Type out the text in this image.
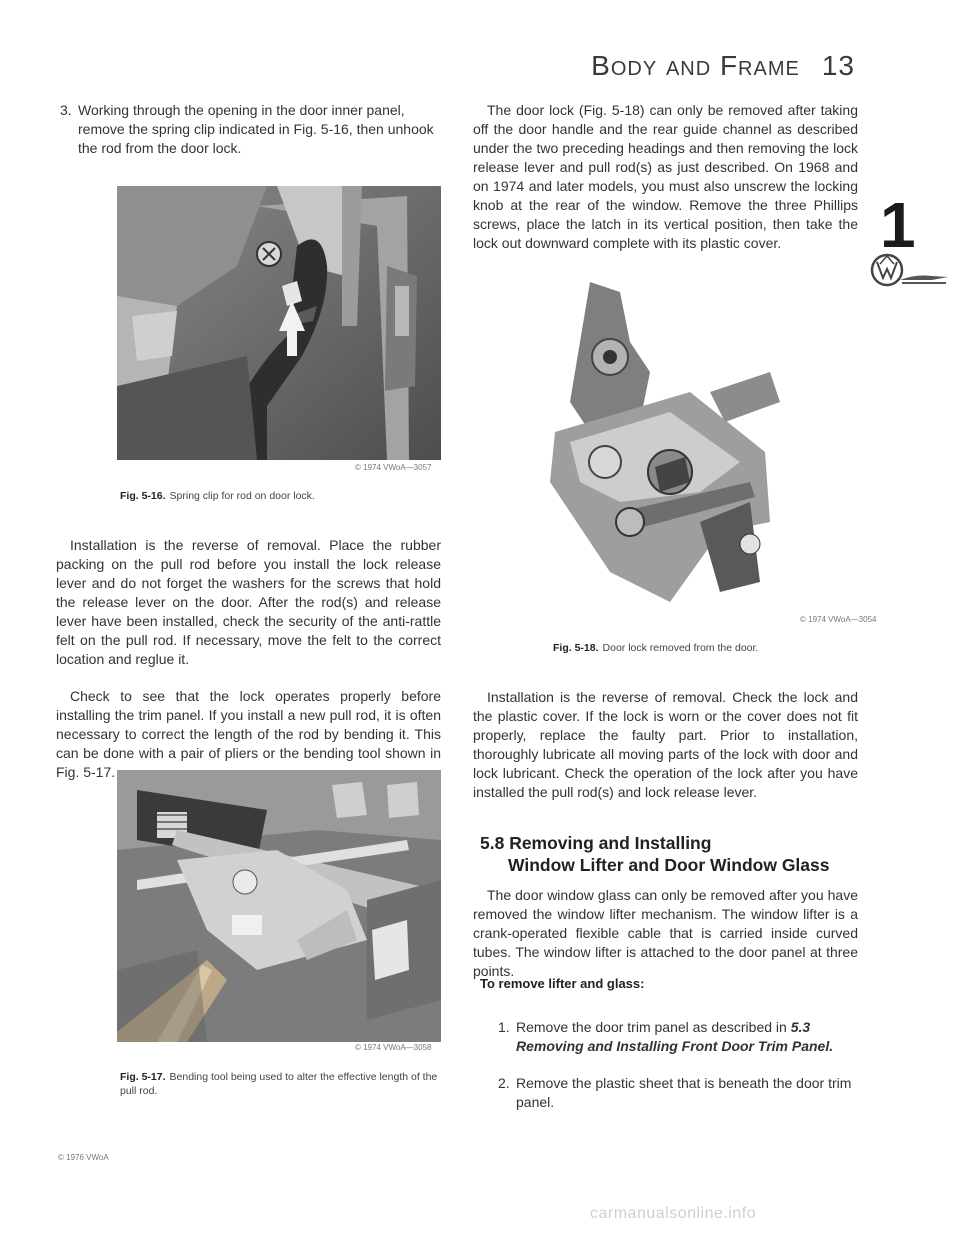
Body and Frame 13
1
3. Working through the opening in the door inner panel, remove the spring clip indicated in Fig. 5-16, then unhook the rod from the door lock.
© 1974 VWoA—3057
Fig. 5-16. Spring clip for rod on door lock.

Installation is the reverse of removal. Place the rubber packing on the pull rod before you install the lock release lever and do not forget the washers for the screws that hold the release lever on the door. After the rod(s) and release lever have been installed, check the security of the anti-rattle felt on the pull rod. If necessary, move the felt to the correct location and reglue it.

Check to see that the lock operates properly before installing the trim panel. If you install a new pull rod, it is often necessary to correct the length of the rod by bending it. This can be done with a pair of pliers or the bending tool shown in Fig. 5-17.

© 1974 VWoA—3058
Fig. 5-17. Bending tool being used to alter the effective length of the pull rod.
© 1976 VWoA

The door lock (Fig. 5-18) can only be removed after taking off the door handle and the rear guide channel as described under the two preceding headings and then removing the lock release lever and pull rod(s) as just described. On 1968 and on 1974 and later models, you must also unscrew the locking knob at the rear of the window. Remove the three Phillips screws, place the latch in its vertical position, then take the lock out downward complete with its plastic cover.

© 1974 VWoA—3054
Fig. 5-18. Door lock removed from the door.

Installation is the reverse of removal. Check the lock and the plastic cover. If the lock is worn or the cover does not fit properly, replace the faulty part. Prior to installation, thoroughly lubricate all moving parts of the lock with door and lock lubricant. Check the operation of the lock after you have installed the pull rod(s) and lock release lever.

5.8 Removing and Installing
Window Lifter and Door Window Glass

The door window glass can only be removed after you have removed the window lifter mechanism. The window lifter is a crank-operated flexible cable that is carried inside curved tubes. The window lifter is attached to the door panel at three points.

To remove lifter and glass:
1. Remove the door trim panel as described in 5.3 Removing and Installing Front Door Trim Panel.
2. Remove the plastic sheet that is beneath the door trim panel.
carmanualsonline.info
